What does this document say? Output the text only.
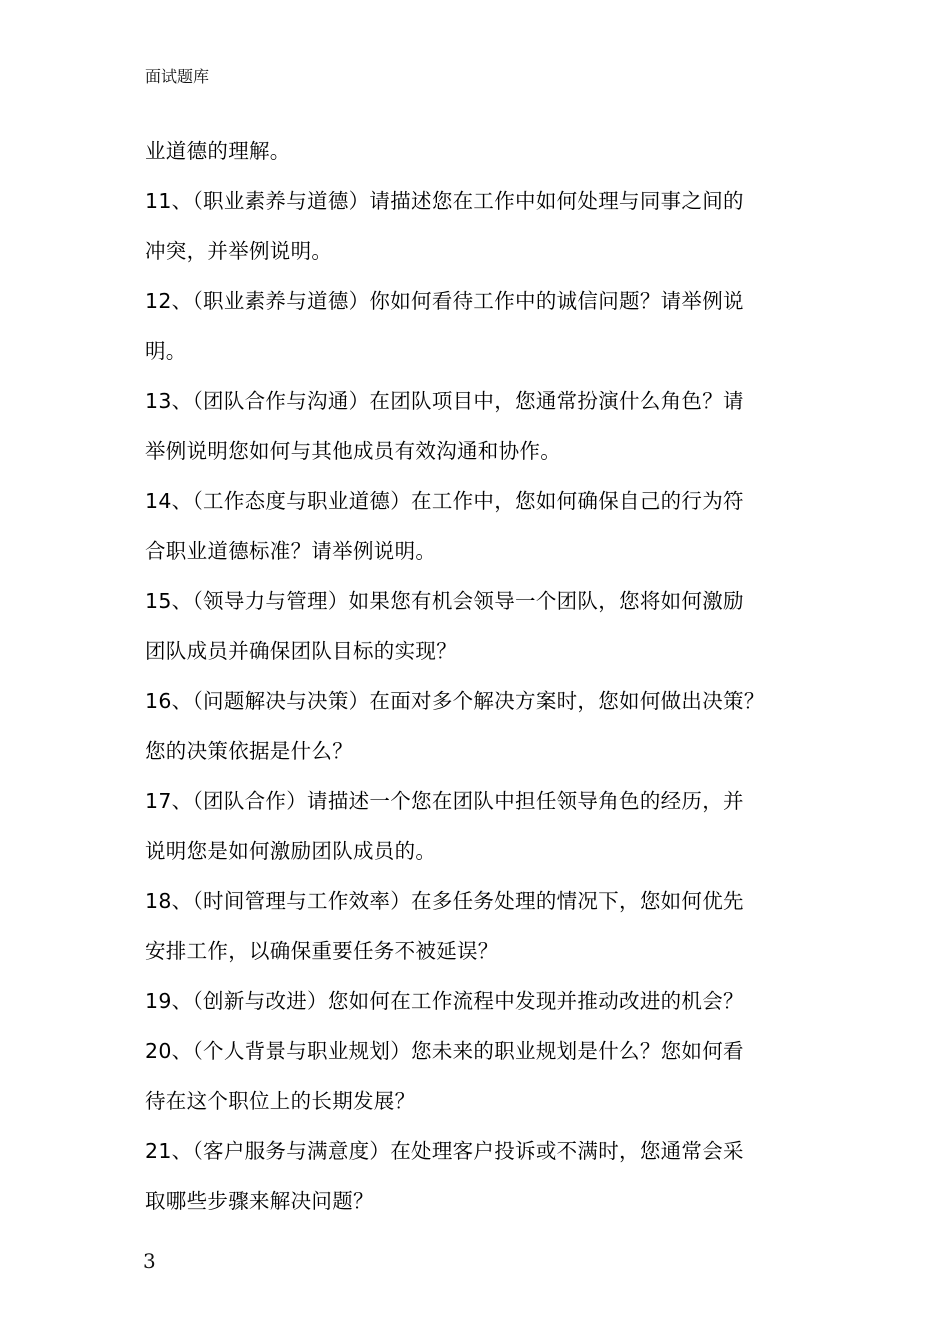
面试题库
业道德的理解。
11、（职业素养与道德）请描述您在工作中如何处理与同事之间的
冲突，并举例说明。
12、（职业素养与道德）你如何看待工作中的诚信问题？请举例说
明。
13、（团队合作与沟通）在团队项目中，您通常扮演什么角色？请
举例说明您如何与其他成员有效沟通和协作。
14、（工作态度与职业道德）在工作中，您如何确保自己的行为符
合职业道德标准？请举例说明。
15、（领导力与管理）如果您有机会领导一个团队，您将如何激励
团队成员并确保团队目标的实现？
16、（问题解决与决策）在面对多个解决方案时，您如何做出决策？
您的决策依据是什么？
17、（团队合作）请描述一个您在团队中担任领导角色的经历，并
说明您是如何激励团队成员的。
18、（时间管理与工作效率）在多任务处理的情况下，您如何优先
安排工作，以确保重要任务不被延误？
19、（创新与改进）您如何在工作流程中发现并推动改进的机会？
20、（个人背景与职业规划）您未来的职业规划是什么？您如何看
待在这个职位上的长期发展？
21、（客户服务与满意度）在处理客户投诉或不满时，您通常会采
取哪些步骤来解决问题？
3
